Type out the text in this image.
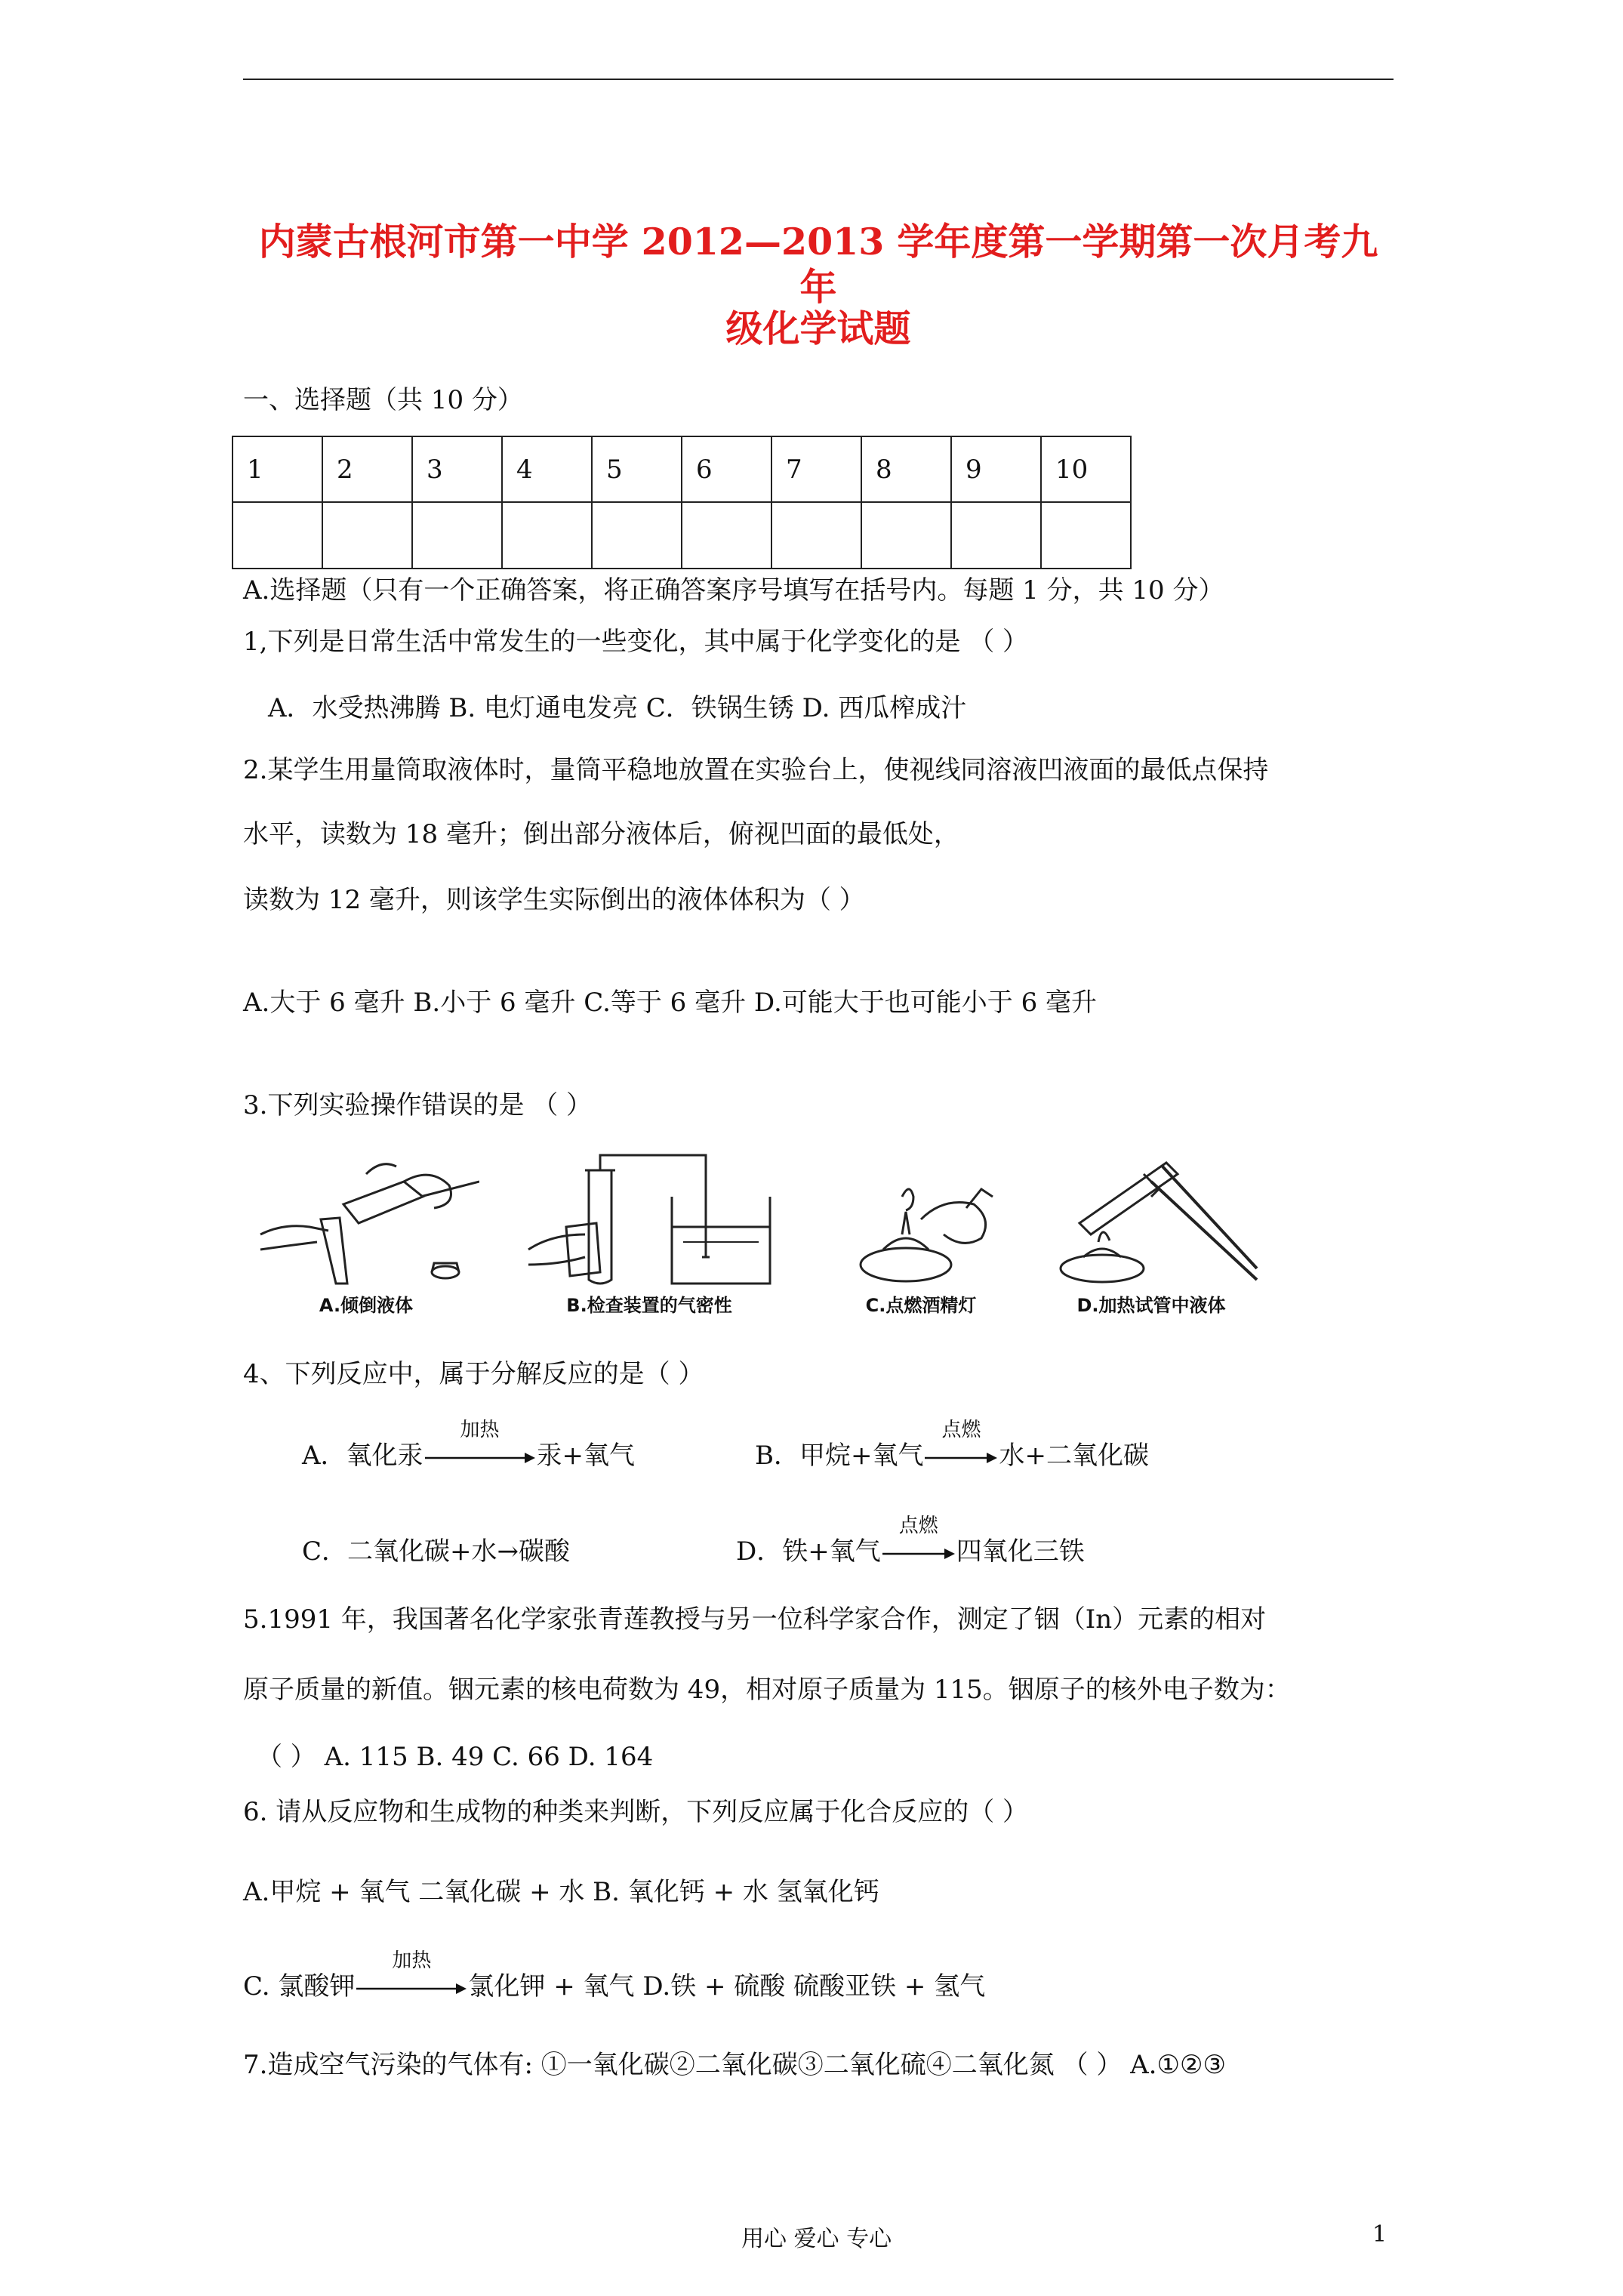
内蒙古根河市第一中学 2012—2013 学年度第一学期第一次月考九年
级化学试题
一、选择题（共 10 分）
1	2	3	4	5	6	7	8	9	10

A.选择题（只有一个正确答案，将正确答案序号填写在括号内。每题 1 分，共 10 分）
1,下列是日常生活中常发生的一些变化，其中属于化学变化的是 （ ）
A．水受热沸腾 B. 电灯通电发亮 C．铁锅生锈 D. 西瓜榨成汁
2.某学生用量筒取液体时，量筒平稳地放置在实验台上，使视线同溶液凹液面的最低点保持
水平，读数为 18 毫升；倒出部分液体后，俯视凹面的最低处，
读数为 12 毫升，则该学生实际倒出的液体体积为（ ）
A.大于 6 毫升 B.小于 6 毫升 C.等于 6 毫升 D.可能大于也可能小于 6 毫升
3.下列实验操作错误的是 （ ）
A.倾倒液体	B.检查装置的气密性	C.点燃酒精灯	D.加热试管中液体
4、下列反应中，属于分解反应的是（ ）
A．氧化汞
加热
汞+氧气	B．甲烷+氧气
点燃
水+二氧化碳
C．二氧化碳+水→碳酸	D．铁+氧气
点燃
四氧化三铁
5.1991 年，我国著名化学家张青莲教授与另一位科学家合作，测定了铟（In）元素的相对
原子质量的新值。铟元素的核电荷数为 49，相对原子质量为 115。铟原子的核外电子数为：
（ ） A. 115 B. 49 C. 66 D. 164
6. 请从反应物和生成物的种类来判断，下列反应属于化合反应的（ ）
A.甲烷 + 氧气 二氧化碳 + 水 B. 氧化钙 + 水 氢氧化钙
C. 氯酸钾
加热
氯化钾 + 氧气 D.铁 + 硫酸 硫酸亚铁 + 氢气
7.造成空气污染的气体有: ①一氧化碳②二氧化碳③二氧化硫④二氧化氮 （ ） A.①②③
用心 爱心 专心	1
